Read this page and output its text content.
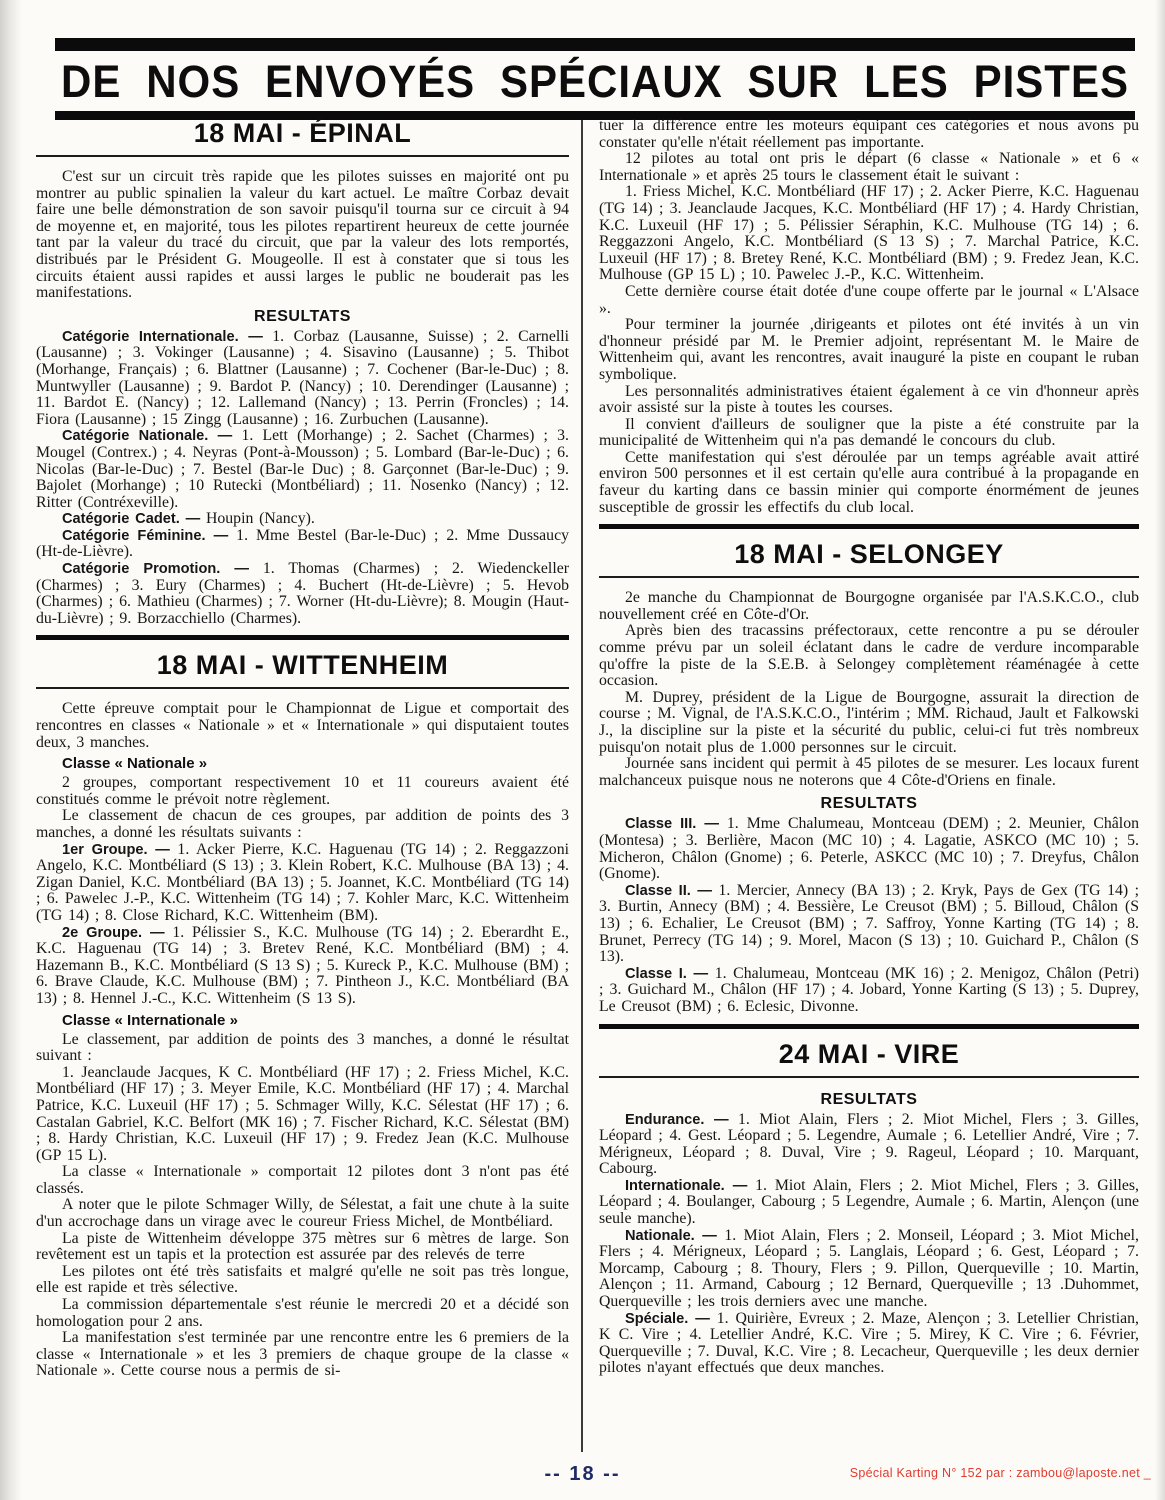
DE NOS ENVOYÉS SPÉCIAUX SUR LES PISTES
18 MAI - ÉPINAL

C'est sur un circuit très rapide que les pilotes suisses en majorité ont pu montrer au public spinalien la valeur du kart actuel. Le maître Corbaz devait faire une belle démonstration de son savoir puisqu'il tourna sur ce circuit à 94 de moyenne et, en majorité, tous les pilotes repartirent heureux de cette journée tant par la valeur du tracé du circuit, que par la valeur des lots remportés, distribués par le Président G. Mougeolle. Il est à constater que si tous les circuits étaient aussi rapides et aussi larges le public ne bouderait pas les manifestations.

RESULTATS

Catégorie Internationale. — 1. Corbaz (Lausanne, Suisse) ; 2. Carnelli (Lausanne) ; 3. Vokinger (Lausanne) ; 4. Sisavino (Lausanne) ; 5. Thibot (Morhange, Français) ; 6. Blattner (Lausanne) ; 7. Cochener (Bar-le-Duc) ; 8. Muntwyller (Lausanne) ; 9. Bardot P. (Nancy) ; 10. Derendinger (Lausanne) ; 11. Bardot E. (Nancy) ; 12. Lallemand (Nancy) ; 13. Perrin (Froncles) ; 14. Fiora (Lausanne) ; 15 Zingg (Lausanne) ; 16. Zurbuchen (Lausanne).

Catégorie Nationale. — 1. Lett (Morhange) ; 2. Sachet (Charmes) ; 3. Mougel (Contrex.) ; 4. Neyras (Pont-à-Mousson) ; 5. Lombard (Bar-le-Duc) ; 6. Nicolas (Bar-le-Duc) ; 7. Bestel (Bar-le Duc) ; 8. Garçonnet (Bar-le-Duc) ; 9. Bajolet (Morhange) ; 10 Rutecki (Montbéliard) ; 11. Nosenko (Nancy) ; 12. Ritter (Contréxeville).

Catégorie Cadet. — Houpin (Nancy).

Catégorie Féminine. — 1. Mme Bestel (Bar-le-Duc) ; 2. Mme Dussaucy (Ht-de-Lièvre).

Catégorie Promotion. — 1. Thomas (Charmes) ; 2. Wiedenckeller (Charmes) ; 3. Eury (Charmes) ; 4. Buchert (Ht-de-Lièvre) ; 5. Hevob (Charmes) ; 6. Mathieu (Charmes) ; 7. Worner (Ht-du-Lièvre); 8. Mougin (Haut-du-Lièvre) ; 9. Borzacchiello (Charmes).

18 MAI - WITTENHEIM

Cette épreuve comptait pour le Championnat de Ligue et comportait des rencontres en classes « Nationale » et « Internationale » qui disputaient toutes deux, 3 manches.

Classe « Nationale »

2 groupes, comportant respectivement 10 et 11 coureurs avaient été constitués comme le prévoit notre règlement.

Le classement de chacun de ces groupes, par addition de points des 3 manches, a donné les résultats suivants :

1er Groupe. — 1. Acker Pierre, K.C. Haguenau (TG 14) ; 2. Reggazzoni Angelo, K.C. Montbéliard (S 13) ; 3. Klein Robert, K.C. Mulhouse (BA 13) ; 4. Zigan Daniel, K.C. Montbéliard (BA 13) ; 5. Joannet, K.C. Montbéliard (TG 14) ; 6. Pawelec J.-P., K.C. Wittenheim (TG 14) ; 7. Kohler Marc, K.C. Wittenheim (TG 14) ; 8. Close Richard, K.C. Wittenheim (BM).

2e Groupe. — 1. Pélissier S., K.C. Mulhouse (TG 14) ; 2. Eberardht E., K.C. Haguenau (TG 14) ; 3. Bretev René, K.C. Montbéliard (BM) ; 4. Hazemann B., K.C. Montbéliard (S 13 S) ; 5. Kureck P., K.C. Mulhouse (BM) ; 6. Brave Claude, K.C. Mulhouse (BM) ; 7. Pintheon J., K.C. Montbéliard (BA 13) ; 8. Hennel J.-C., K.C. Wittenheim (S 13 S).

Classe « Internationale »

Le classement, par addition de points des 3 manches, a donné le résultat suivant :

1. Jeanclaude Jacques, K C. Montbéliard (HF 17) ; 2. Friess Michel, K.C. Montbéliard (HF 17) ; 3. Meyer Emile, K.C. Montbéliard (HF 17) ; 4. Marchal Patrice, K.C. Luxeuil (HF 17) ; 5. Schmager Willy, K.C. Sélestat (HF 17) ; 6. Castalan Gabriel, K.C. Belfort (MK 16) ; 7. Fischer Richard, K.C. Sélestat (BM) ; 8. Hardy Christian, K.C. Luxeuil (HF 17) ; 9. Fredez Jean (K.C. Mulhouse (GP 15 L).

La classe « Internationale » comportait 12 pilotes dont 3 n'ont pas été classés.

A noter que le pilote Schmager Willy, de Sélestat, a fait une chute à la suite d'un accrochage dans un virage avec le coureur Friess Michel, de Montbéliard.

La piste de Wittenheim développe 375 mètres sur 6 mètres de large. Son revêtement est un tapis et la protection est assurée par des relevés de terre

Les pilotes ont été très satisfaits et malgré qu'elle ne soit pas très longue, elle est rapide et très sélective.

La commission départementale s'est réunie le mercredi 20 et a décidé son homologation pour 2 ans.

La manifestation s'est terminée par une rencontre entre les 6 premiers de la classe « Internationale » et les 3 premiers de chaque groupe de la classe « Nationale ». Cette course nous a permis de si-

tuer la différence entre les moteurs équipant ces catégories et nous avons pu constater qu'elle n'était réellement pas importante.

12 pilotes au total ont pris le départ (6 classe « Nationale » et 6 « Internationale » et après 25 tours le classement était le suivant :

1. Friess Michel, K.C. Montbéliard (HF 17) ; 2. Acker Pierre, K.C. Haguenau (TG 14) ; 3. Jeanclaude Jacques, K.C. Montbéliard (HF 17) ; 4. Hardy Christian, K.C. Luxeuil (HF 17) ; 5. Pélissier Séraphin, K.C. Mulhouse (TG 14) ; 6. Reggazzoni Angelo, K.C. Montbéliard (S 13 S) ; 7. Marchal Patrice, K.C. Luxeuil (HF 17) ; 8. Bretey René, K.C. Montbéliard (BM) ; 9. Fredez Jean, K.C. Mulhouse (GP 15 L) ; 10. Pawelec J.-P., K.C. Wittenheim.

Cette dernière course était dotée d'une coupe offerte par le journal « L'Alsace ».

Pour terminer la journée ,dirigeants et pilotes ont été invités à un vin d'honneur présidé par M. le Premier adjoint, représentant M. le Maire de Wittenheim qui, avant les rencontres, avait inauguré la piste en coupant le ruban symbolique.

Les personnalités administratives étaient également à ce vin d'honneur après avoir assisté sur la piste à toutes les courses.

Il convient d'ailleurs de souligner que la piste a été construite par la municipalité de Wittenheim qui n'a pas demandé le concours du club.

Cette manifestation qui s'est déroulée par un temps agréable avait attiré environ 500 personnes et il est certain qu'elle aura contribué à la propagande en faveur du karting dans ce bassin minier qui comporte énormément de jeunes susceptible de grossir les effectifs du club local.

18 MAI - SELONGEY

2e manche du Championnat de Bourgogne organisée par l'A.S.K.C.O., club nouvellement créé en Côte-d'Or.

Après bien des tracassins préfectoraux, cette rencontre a pu se dérouler comme prévu par un soleil éclatant dans le cadre de verdure incomparable qu'offre la piste de la S.E.B. à Selongey complètement réaménagée à cette occasion.

M. Duprey, président de la Ligue de Bourgogne, assurait la direction de course ; M. Vignal, de l'A.S.K.C.O., l'intérim ; MM. Richaud, Jault et Falkowski J., la discipline sur la piste et la sécurité du public, celui-ci fut très nombreux puisqu'on notait plus de 1.000 personnes sur le circuit.

Journée sans incident qui permit à 45 pilotes de se mesurer. Les locaux furent malchanceux puisque nous ne noterons que 4 Côte-d'Oriens en finale.

RESULTATS

Classe III. — 1. Mme Chalumeau, Montceau (DEM) ; 2. Meunier, Châlon (Montesa) ; 3. Berlière, Macon (MC 10) ; 4. Lagatie, ASKCO (MC 10) ; 5. Micheron, Châlon (Gnome) ; 6. Peterle, ASKCC (MC 10) ; 7. Dreyfus, Châlon (Gnome).

Classe II. — 1. Mercier, Annecy (BA 13) ; 2. Kryk, Pays de Gex (TG 14) ; 3. Burtin, Annecy (BM) ; 4. Bessière, Le Creusot (BM) ; 5. Billoud, Châlon (S 13) ; 6. Echalier, Le Creusot (BM) ; 7. Saffroy, Yonne Karting (TG 14) ; 8. Brunet, Perrecy (TG 14) ; 9. Morel, Macon (S 13) ; 10. Guichard P., Châlon (S 13).

Classe I. — 1. Chalumeau, Montceau (MK 16) ; 2. Menigoz, Châlon (Petri) ; 3. Guichard M., Châlon (HF 17) ; 4. Jobard, Yonne Karting (S 13) ; 5. Duprey, Le Creusot (BM) ; 6. Eclesic, Divonne.

24 MAI - VIRE
RESULTATS

Endurance. — 1. Miot Alain, Flers ; 2. Miot Michel, Flers ; 3. Gilles, Léopard ; 4. Gest. Léopard ; 5. Legendre, Aumale ; 6. Letellier André, Vire ; 7. Mérigneux, Léopard ; 8. Duval, Vire ; 9. Rageul, Léopard ; 10. Marquant, Cabourg.

Internationale. — 1. Miot Alain, Flers ; 2. Miot Michel, Flers ; 3. Gilles, Léopard ; 4. Boulanger, Cabourg ; 5 Legendre, Aumale ; 6. Martin, Alençon (une seule manche).

Nationale. — 1. Miot Alain, Flers ; 2. Monseil, Léopard ; 3. Miot Michel, Flers ; 4. Mérigneux, Léopard ; 5. Langlais, Léopard ; 6. Gest, Léopard ; 7. Morcamp, Cabourg ; 8. Thoury, Flers ; 9. Pillon, Querqueville ; 10. Martin, Alençon ; 11. Armand, Cabourg ; 12 Bernard, Querqueville ; 13 .Duhommet, Querqueville ; les trois derniers avec une manche.

Spéciale. — 1. Quirière, Evreux ; 2. Maze, Alençon ; 3. Letellier Christian, K C. Vire ; 4. Letellier André, K.C. Vire ; 5. Mirey, K C. Vire ; 6. Février, Querqueville ; 7. Duval, K.C. Vire ; 8. Lecacheur, Querqueville ; les deux dernier pilotes n'ayant effectués que deux manches.

-- 18 --	Spécial Karting N° 152 par : zambou@laposte.net _
